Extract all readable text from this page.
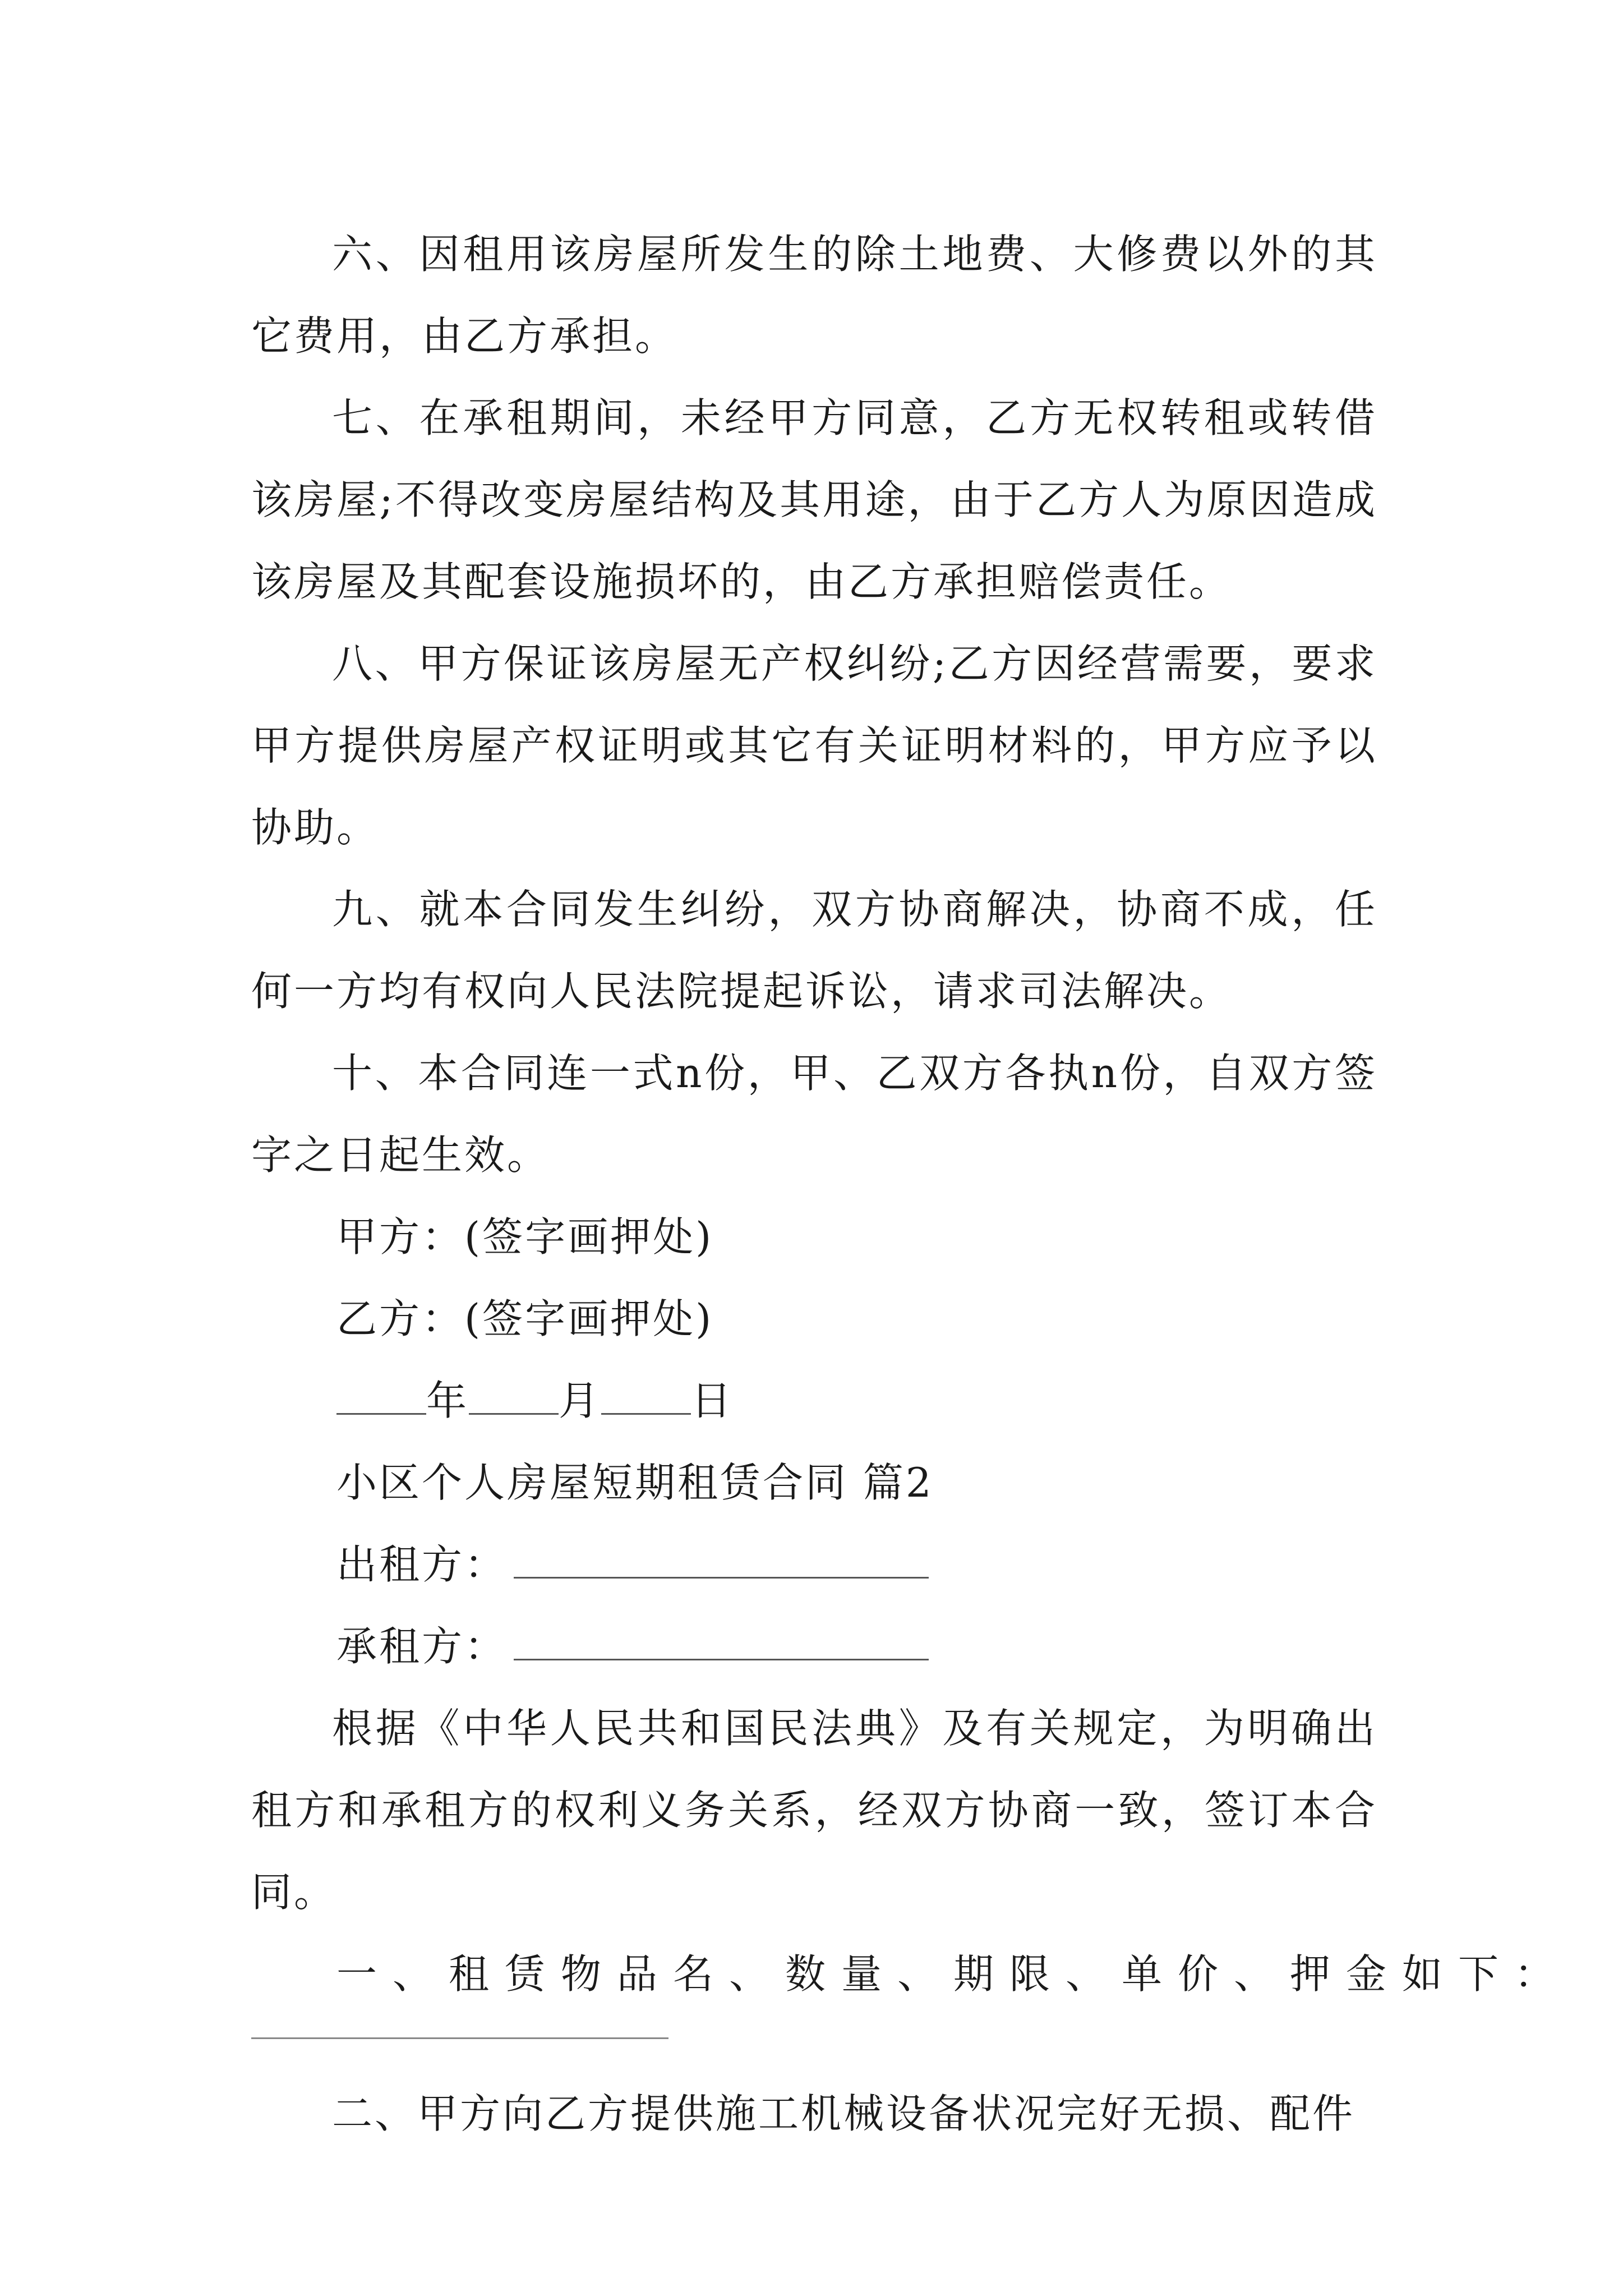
六、因租用该房屋所发生的除土地费、大修费以外的其它费用，由乙方承担。

七、在承租期间，未经甲方同意，乙方无权转租或转借该房屋;不得改变房屋结构及其用途，由于乙方人为原因造成该房屋及其配套设施损坏的，由乙方承担赔偿责任。

八、甲方保证该房屋无产权纠纷;乙方因经营需要，要求甲方提供房屋产权证明或其它有关证明材料的，甲方应予以协助。

九、就本合同发生纠纷，双方协商解决，协商不成，任何一方均有权向人民法院提起诉讼，请求司法解决。

十、本合同连一式n份，甲、乙双方各执n份，自双方签字之日起生效。

甲方：(签字画押处)

乙方：(签字画押处)

年 月 日

小区个人房屋短期租赁合同 篇2

出租方：

承租方：

根据《中华人民共和国民法典》及有关规定，为明确出租方和承租方的权利义务关系，经双方协商一致，签订本合同。

一、租赁物品名、数量、期限、单价、押金如下：

二、甲方向乙方提供施工机械设备状况完好无损、配件
